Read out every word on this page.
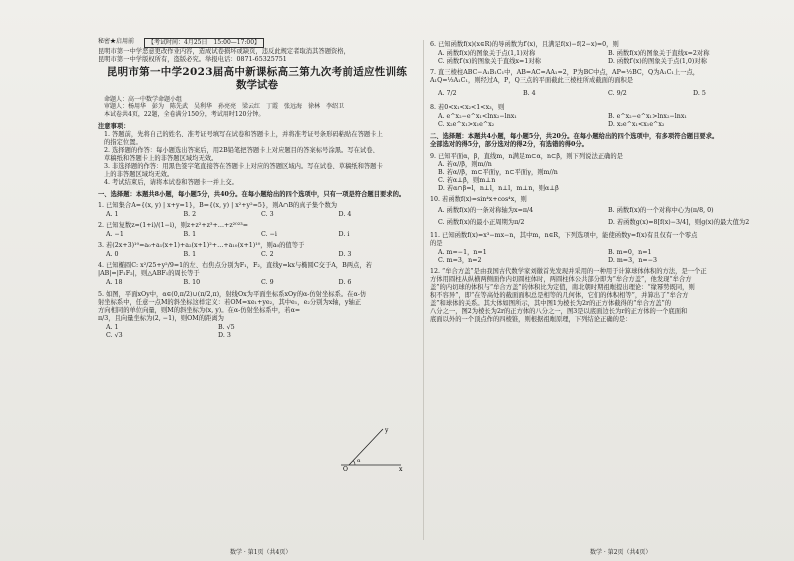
秘密★启用前	【考试时间：4月25日　15:00—17:00】
昆明市第一中学恶意更改作业内容，造成试卷损坏或缺页，违反此规定者取消其答题资格，
昆明市第一中学版权所有，盗版必究。举报电话：0871-65325751
昆明市第一中学2023届高中新课标高三第九次考前适应性训练
数学试卷
命题人：高一中数学命题小组
审题人：杨用华　彭为　陈先武　吴利华　孙亮亮　梁云红　丁霞　张远海　徐林　李绍卫
本试卷共4页，22题，全卷满分150分，考试用时120分钟。
注意事项：
1. 答题前，先将自己的姓名、准考证号填写在试卷和答题卡上，并将准考证号条形码粘贴在答题卡上
的指定位置。
2. 选择题的作答：每小题选出答案后，用2B铅笔把答题卡上对应题目的答案标号涂黑。写在试卷、
草稿纸和答题卡上的非答题区域均无效。
3. 非选择题的作答：用黑色签字笔直接答在答题卡上对应的答题区域内。写在试卷、草稿纸和答题卡
上的非答题区域均无效。
4. 考试结束后，请将本试卷和答题卡一并上交。
一、选择题：本题共8小题，每小题5分，共40分。在每小题给出的四个选项中，只有一项是符合题目要求的。
1. 已知集合A={(x, y) | x+y=1}，B={(x, y) | x²+y²=5}，则A∩B的真子集个数为
A. 1	B. 2	C. 3	D. 4
2. 已知复数z=(1+i)/(1−i)，则z+z²+z³+…+z²⁰²³=
A. −1	B. 1	C. −i	D. i
3. 若(2x+3)¹⁰=a₀+a₁(x+1)+a₂(x+1)²+…+a₁₀(x+1)¹⁰，则a₀的值等于
A. 0	B. 1	C. 2	D. 3
4. 已知椭圆C: x²/25+y²/9=1的左、右焦点分别为F₁，F₂，直线y=kx与椭圆C交于A，B两点，若
|AB|=|F₁F₂|，则△ABF₁的周长等于
A. 18	B. 10	C. 9	D. 6
5. 如图，平面xOy中，α∈(0,π/2)∪(π/2,π)，射线Ox为平面坐标系xOy的α-仿射坐标系。在α-仿
射坐标系中，任意一点M的斜坐标这样定义：若OM=xe₁+ye₂，其中e₁，e₂分别为x轴，y轴正
方向相同的单位向量，则M的斜坐标为(x, y)。在α-仿射坐标系中，若α=
π/3，且向量坐标为(2, −1)，则OM的距离为
A. 1	B. √5
C. √3	D. 3
x
y
O
α
数学 · 第1页（共4页）
6. 已知函数f(x)(x∈R)的导函数为f′(x)，且满足f(x)−f(2−x)=0，则
A. 函数f(x)的图象关于点(1,1)对称	B. 函数f(x)的图象关于直线x=2对称
C. 函数f′(x)的图象关于直线x=1对称	D. 函数f′(x)的图象关于点(1,0)对称
7. 直三棱柱ABC−A₁B₁C₁中，AB=AC=AA₁=2，P为BC中点，AP=½BC，Q为A₁C₁上一点，
A₁Q=⅓A₁C₁，则经过A，P，Q三点的平面截此三棱柱所成截面的面积是
A. 7/2	B. 4	C. 9/2	D. 5
8. 若0<x₁<x₂<1<x₃，则
A. e^x₂−e^x₁<lnx₂−lnx₁	B. e^x₂−e^x₁>lnx₂−lnx₁
C. x₂e^x₁>x₁e^x₂	D. x₂e^x₁<x₁e^x₂
二、选择题：本题共4小题，每小题5分，共20分。在每小题给出的四个选项中，有多项符合题目要求。
全部选对的得5分，部分选对的得2分，有选错的得0分。
9. 已知平面α，β，直线m，n满足m⊂α，n⊂β，则下列说法正确的是
A. 若α//β，则m//n
B. 若α//β，m⊂平面γ，n⊂平面γ，则m//n
C. 若α⊥β，则m⊥n
D. 若α∩β=l，n⊥l，n⊥l，m⊥n，则α⊥β
10. 若函数f(x)=sin⁴x+cos⁴x，则
A. 函数f(x)的一条对称轴为x=π/4	B. 函数f(x)的一个对称中心为(π/8, 0)
C. 函数f(x)的最小正周期为π/2	D. 若函数g(x)=8[f(x)−3/4]，则g(x)的最大值为2
11. 已知函数f(x)=x³−mx−n，其中m，n∈R，下列选项中，能使函数y=f(x)有且仅有一个零点
的是
A. m=−1，n=1	B. m=0，n=1
C. m=3，n=2	D. m=3，n=−3
12. “牟合方盖”是由我国古代数学家刘徽首先发现并采用的一种用于计算球体体积的方法，是一个正
方体用圆柱从纵横两侧面作内切圆柱体时，两圆柱体公共部分即为“牟合方盖”，他发现“牟合方
盖”的内切球的体积与“牟合方盖”的体积比为定值，南北朝时期祖暅提出理论：“缘幂势既同，则
积不容异”，即“在等高处的截面面积总是相等的几何体，它们的体积相等”，并算出了“牟合方
盖”和球体的关系。其大体如图所示，其中图1为棱长为2r的正方体截得的“牟合方盖”的
八分之一，图2为棱长为2r的正方体的八分之一，图3是以底面边长为r的正方体的一个底面和
底面以外的一个顶点作的四棱锥，则根据祖暅原理，下列结论正确的是：
数学 · 第2页（共4页）
